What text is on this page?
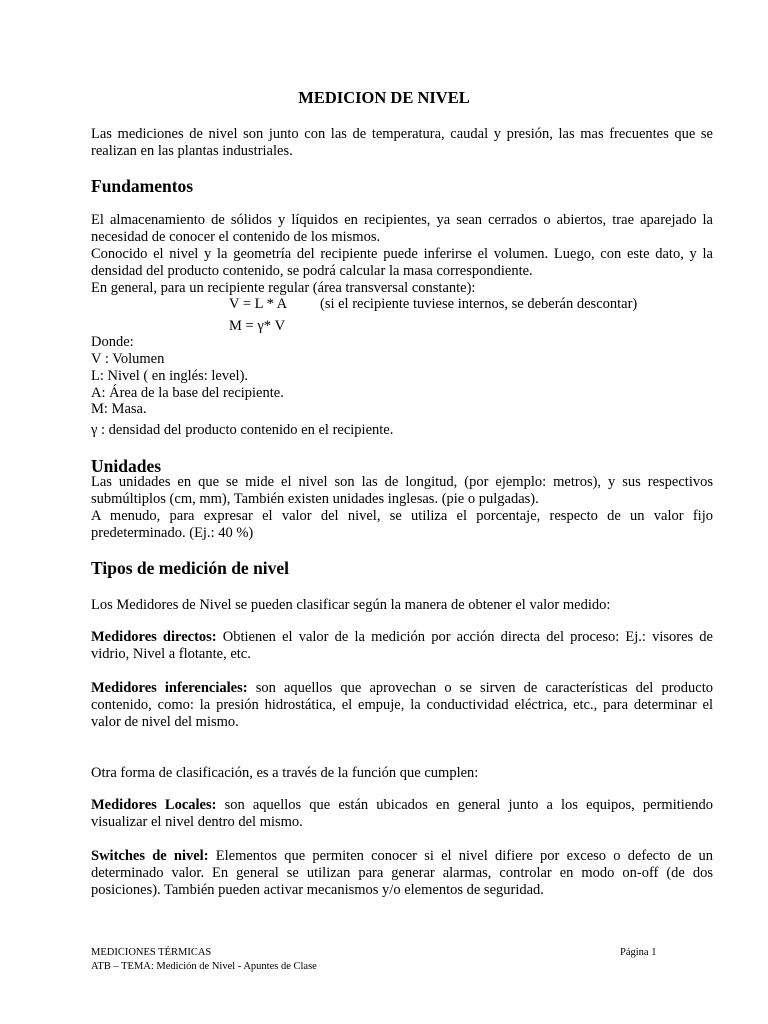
MEDICION DE NIVEL

Las mediciones de nivel son junto con las de temperatura, caudal y presión, las mas frecuentes que se realizan en las plantas industriales.

Fundamentos

El almacenamiento de sólidos y líquidos en recipientes, ya sean cerrados o abiertos, trae aparejado la necesidad de conocer el contenido de los mismos.

Conocido el nivel y la geometría del recipiente puede inferirse el volumen. Luego, con este dato, y la densidad del producto contenido, se podrá calcular la masa correspondiente.

En general, para un recipiente regular (área transversal constante):

V = L * A (si el recipiente tuviese internos, se deberán descontar)
M = γ* V
Donde:
V : Volumen
L: Nivel ( en inglés: level).
A: Área de la base del recipiente.
M: Masa.
γ : densidad del producto contenido en el recipiente.
Unidades

Las unidades en que se mide el nivel son las de longitud, (por ejemplo: metros), y sus respectivos submúltiplos (cm, mm), También existen unidades inglesas. (pie o pulgadas).

A menudo, para expresar el valor del nivel, se utiliza el porcentaje, respecto de un valor fijo predeterminado. (Ej.: 40 %)

Tipos de medición de nivel

Los Medidores de Nivel se pueden clasificar según la manera de obtener el valor medido:

Medidores directos: Obtienen el valor de la medición por acción directa del proceso: Ej.: visores de vidrio, Nivel a flotante, etc.

Medidores inferenciales: son aquellos que aprovechan o se sirven de características del producto contenido, como: la presión hidrostática, el empuje, la conductividad eléctrica, etc., para determinar el valor de nivel del mismo.

Otra forma de clasificación, es a través de la función que cumplen:

Medidores Locales: son aquellos que están ubicados en general junto a los equipos, permitiendo visualizar el nivel dentro del mismo.

Switches de nivel: Elementos que permiten conocer si el nivel difiere por exceso o defecto de un determinado valor. En general se utilizan para generar alarmas, controlar en modo on-off (de dos posiciones). También pueden activar mecanismos y/o elementos de seguridad.

MEDICIONES TÉRMICAS
ATB – TEMA: Medición de Nivel - Apuntes de Clase
Página 1
